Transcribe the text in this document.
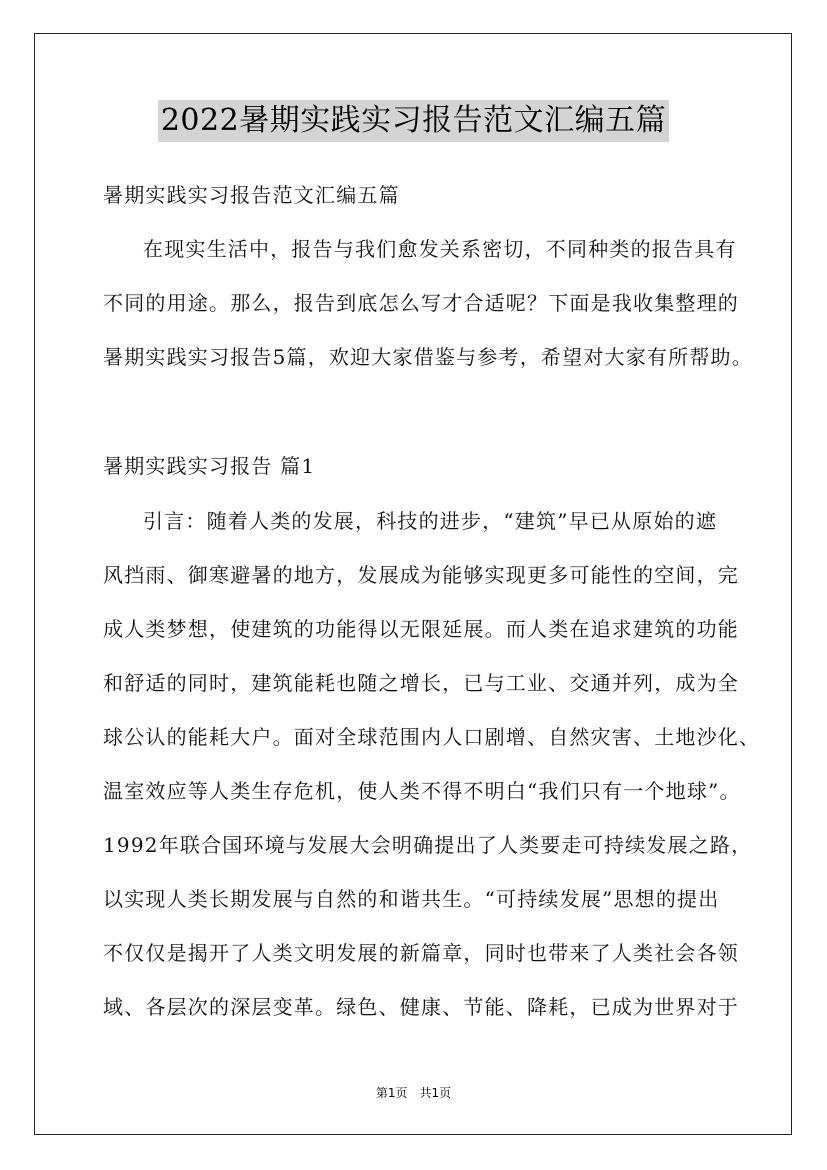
2022暑期实践实习报告范文汇编五篇
暑期实践实习报告范文汇编五篇
在现实生活中，报告与我们愈发关系密切，不同种类的报告具有
不同的用途。那么，报告到底怎么写才合适呢？下面是我收集整理的
暑期实践实习报告5篇，欢迎大家借鉴与参考，希望对大家有所帮助。
暑期实践实习报告 篇1
引言：随着人类的发展，科技的进步，“建筑”早已从原始的遮
风挡雨、御寒避暑的地方，发展成为能够实现更多可能性的空间，完
成人类梦想，使建筑的功能得以无限延展。而人类在追求建筑的功能
和舒适的同时，建筑能耗也随之增长，已与工业、交通并列，成为全
球公认的能耗大户。面对全球范围内人口剧增、自然灾害、土地沙化、
温室效应等人类生存危机，使人类不得不明白“我们只有一个地球”。
1992年联合国环境与发展大会明确提出了人类要走可持续发展之路，
以实现人类长期发展与自然的和谐共生。“可持续发展”思想的提出
不仅仅是揭开了人类文明发展的新篇章，同时也带来了人类社会各领
域、各层次的深层变革。绿色、健康、节能、降耗，已成为世界对于
第1页　共1页
